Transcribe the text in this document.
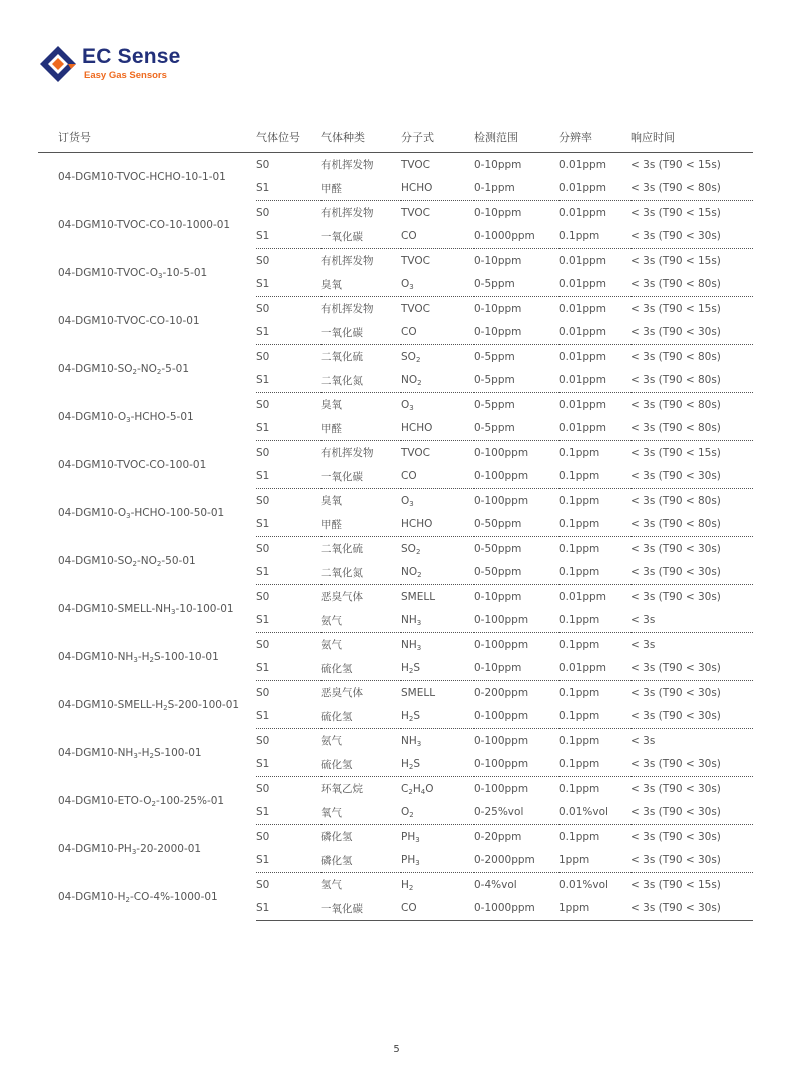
EC Sense
Easy Gas Sensors
订货号	气体位号	气体种类	分子式	检测范围	分辨率	响应时间
04-DGM10-TVOC-HCHO-10-1-01	S0	有机挥发物	TVOC	0-10ppm	0.01ppm	< 3s (T90 < 15s)
	S1	甲醛	HCHO	0-1ppm	0.01ppm	< 3s (T90 < 80s)
04-DGM10-TVOC-CO-10-1000-01	S0	有机挥发物	TVOC	0-10ppm	0.01ppm	< 3s (T90 < 15s)
	S1	一氧化碳	CO	0-1000ppm	0.1ppm	< 3s (T90 < 30s)
$04-DGM10-TVOC-O_3-10-5-01$	S0	有机挥发物	TVOC	0-10ppm	0.01ppm	< 3s (T90 < 15s)
	S1	臭氧	$O_3$	0-5ppm	0.01ppm	< 3s (T90 < 80s)
04-DGM10-TVOC-CO-10-01	S0	有机挥发物	TVOC	0-10ppm	0.01ppm	< 3s (T90 < 15s)
	S1	一氧化碳	CO	0-10ppm	0.01ppm	< 3s (T90 < 30s)
$04-DGM10-SO_2-NO_2-5-01$	S0	二氧化硫	$SO_2$	0-5ppm	0.01ppm	< 3s (T90 < 80s)
	S1	二氧化氮	$NO_2$	0-5ppm	0.01ppm	< 3s (T90 < 80s)
$04-DGM10-O_3-HCHO-5-01$	S0	臭氧	$O_3$	0-5ppm	0.01ppm	< 3s (T90 < 80s)
	S1	甲醛	HCHO	0-5ppm	0.01ppm	< 3s (T90 < 80s)
04-DGM10-TVOC-CO-100-01	S0	有机挥发物	TVOC	0-100ppm	0.1ppm	< 3s (T90 < 15s)
	S1	一氧化碳	CO	0-100ppm	0.1ppm	< 3s (T90 < 30s)
$04-DGM10-O_3-HCHO-100-50-01$	S0	臭氧	$O_3$	0-100ppm	0.1ppm	< 3s (T90 < 80s)
	S1	甲醛	HCHO	0-50ppm	0.1ppm	< 3s (T90 < 80s)
$04-DGM10-SO_2-NO_2-50-01$	S0	二氧化硫	$SO_2$	0-50ppm	0.1ppm	< 3s (T90 < 30s)
	S1	二氧化氮	$NO_2$	0-50ppm	0.1ppm	< 3s (T90 < 30s)
$04-DGM10-SMELL-NH_3-10-100-01$	S0	恶臭气体	SMELL	0-10ppm	0.01ppm	< 3s (T90 < 30s)
	S1	氨气	$NH_3$	0-100ppm	0.1ppm	< 3s
$04-DGM10-NH_3-H_2S-100-10-01$	S0	氨气	$NH_3$	0-100ppm	0.1ppm	< 3s
	S1	硫化氢	$H_2S$	0-10ppm	0.01ppm	< 3s (T90 < 30s)
$04-DGM10-SMELL-H_2S-200-100-01$	S0	恶臭气体	SMELL	0-200ppm	0.1ppm	< 3s (T90 < 30s)
	S1	硫化氢	$H_2S$	0-100ppm	0.1ppm	< 3s (T90 < 30s)
$04-DGM10-NH_3-H_2S-100-01$	S0	氨气	$NH_3$	0-100ppm	0.1ppm	< 3s
	S1	硫化氢	$H_2S$	0-100ppm	0.1ppm	< 3s (T90 < 30s)
$04-DGM10-ETO-O_2-100-25\%-01$	S0	环氧乙烷	$C_2H_4O$	0-100ppm	0.1ppm	< 3s (T90 < 30s)
	S1	氧气	$O_2$	0-25%vol	0.01%vol	< 3s (T90 < 30s)
$04-DGM10-PH_3-20-2000-01$	S0	磷化氢	$PH_3$	0-20ppm	0.1ppm	< 3s (T90 < 30s)
	S1	磷化氢	$PH_3$	0-2000ppm	1ppm	< 3s (T90 < 30s)
$04-DGM10-H_2-CO-4\%-1000-01$	S0	氢气	$H_2$	0-4%vol	0.01%vol	< 3s (T90 < 15s)
	S1	一氧化碳	CO	0-1000ppm	1ppm	< 3s (T90 < 30s)
5
